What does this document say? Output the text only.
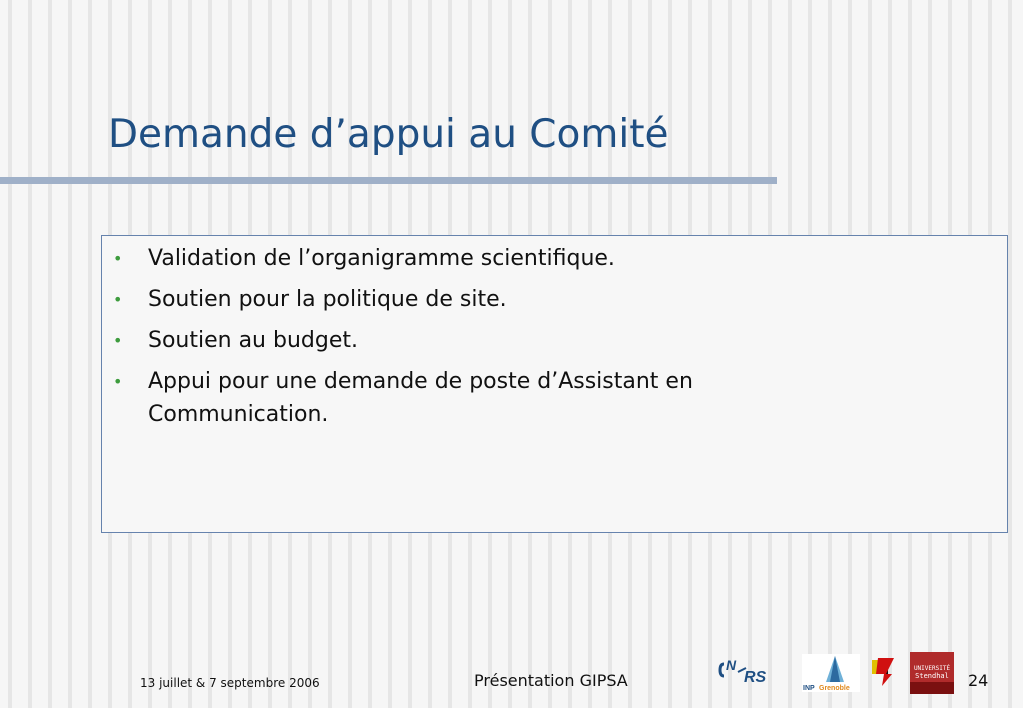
Demande d’appui au Comité
• Validation de l’organigramme scientifique.
• Soutien pour la politique de site.
• Soutien au budget.
• Appui pour une demande de poste d’Assistant en Communication.
13 juillet & 7 septembre 2006	Présentation GIPSA	24
N
RS
INP Grenoble
UNIVERSITÉ
Stendhal
